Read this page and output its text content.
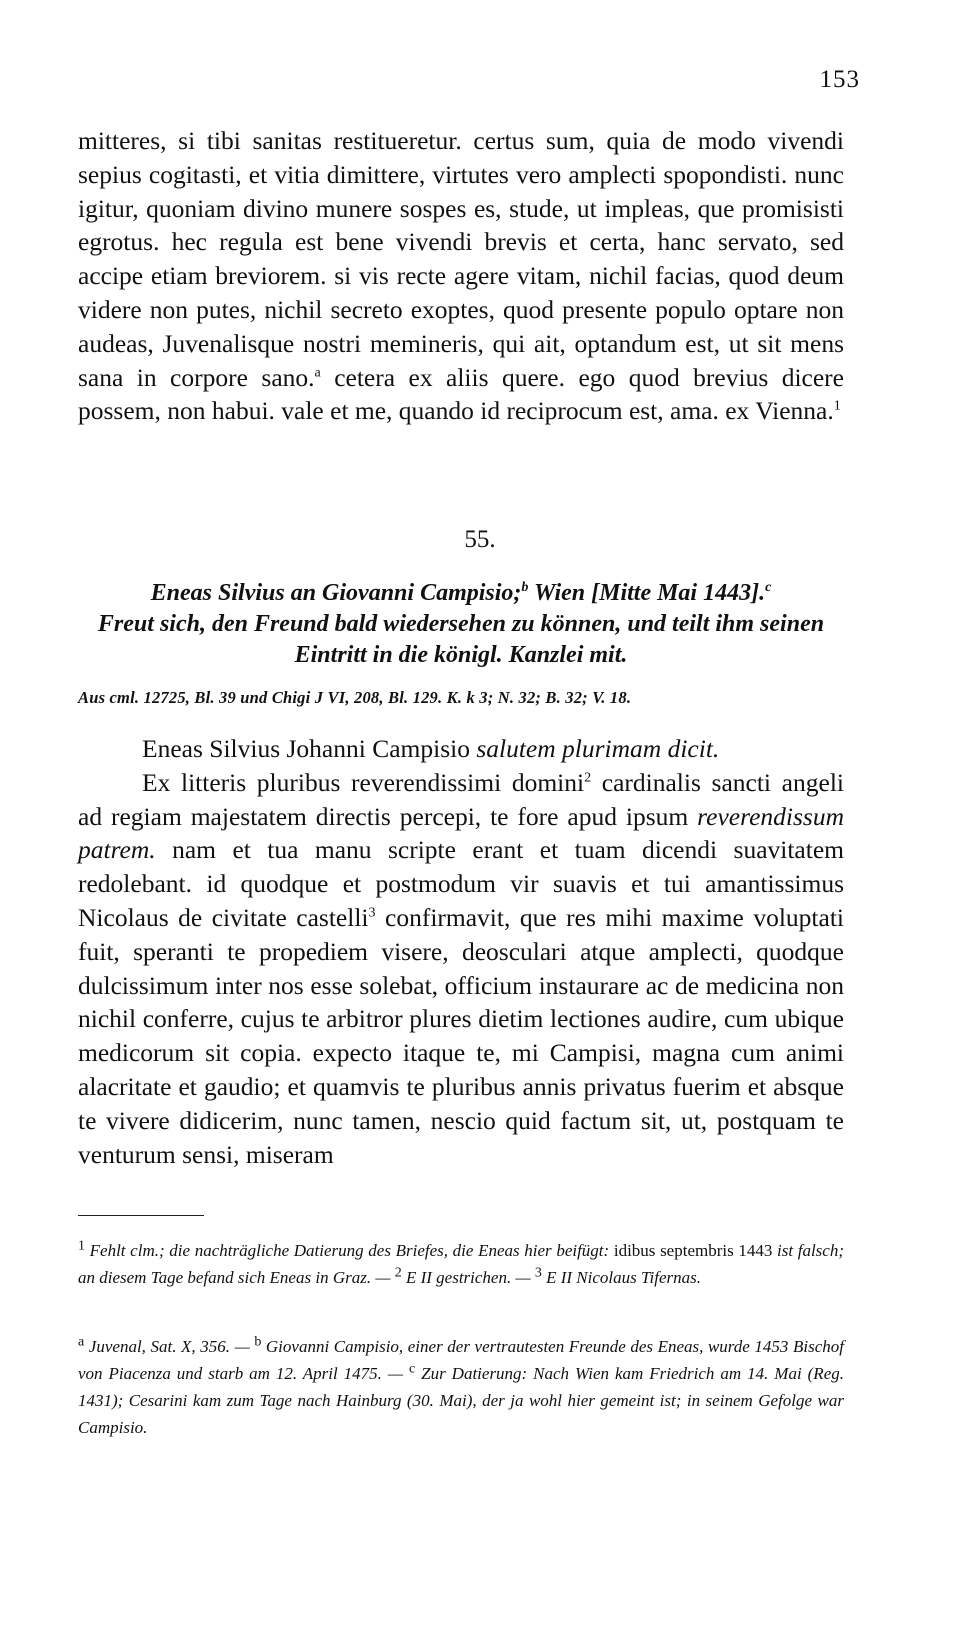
153

mitteres, si tibi sanitas restitueretur. certus sum, quia de modo vivendi sepius cogitasti, et vitia dimittere, virtutes vero amplecti spopondisti. nunc igitur, quoniam divino munere sospes es, stude, ut impleas, que promisisti egrotus. hec regula est bene vivendi brevis et certa, hanc servato, sed accipe etiam breviorem. si vis recte agere vitam, nichil facias, quod deum videre non putes, nichil secreto exoptes, quod presente populo optare non audeas, Juvenalisque nostri memineris, qui ait, optandum est, ut sit mens sana in corpore sano.$^a$ cetera ex aliis quere. ego quod brevius dicere possem, non habui. vale et me, quando id reciprocum est, ama. ex Vienna.$^1$

55.
Eneas Silvius an Giovanni Campisio;$^b$ Wien [Mitte Mai 1443].$^c$
Freut sich, den Freund bald wiedersehen zu können, und teilt ihm seinen Eintritt in die königl. Kanzlei mit.
Aus cml. 12725, Bl. 39 und Chigi J VI, 208, Bl. 129. K. k 3; N. 32; B. 32; V. 18.

Eneas Silvius Johanni Campisio salutem plurimam dicit.

Ex litteris pluribus reverendissimi domini$^2$ cardinalis sancti angeli ad regiam majestatem directis percepi, te fore apud ipsum reverendissum patrem. nam et tua manu scripte erant et tuam dicendi suavitatem redolebant. id quodque et postmodum vir suavis et tui amantissimus Nicolaus de civitate castelli$^3$ confirmavit, que res mihi maxime voluptati fuit, speranti te propediem visere, deosculari atque amplecti, quodque dulcissimum inter nos esse solebat, officium instaurare ac de medicina non nichil conferre, cujus te arbitror plures dietim lectiones audire, cum ubique medicorum sit copia. expecto itaque te, mi Campisi, magna cum animi alacritate et gaudio; et quamvis te pluribus annis privatus fuerim et absque te vivere didicerim, nunc tamen, nescio quid factum sit, ut, postquam te venturum sensi, miseram

$^1$ Fehlt clm.; die nachträgliche Datierung des Briefes, die Eneas hier beifügt: idibus septembris 1443 ist falsch; an diesem Tage befand sich Eneas in Graz. — $^2$ E II gestrichen. — $^3$ E II Nicolaus Tifernas.

$^a$ Juvenal, Sat. X, 356. — $^b$ Giovanni Campisio, einer der vertrautesten Freunde des Eneas, wurde 1453 Bischof von Piacenza und starb am 12. April 1475. — $^c$ Zur Datierung: Nach Wien kam Friedrich am 14. Mai (Reg. 1431); Cesarini kam zum Tage nach Hainburg (30. Mai), der ja wohl hier gemeint ist; in seinem Gefolge war Campisio.
